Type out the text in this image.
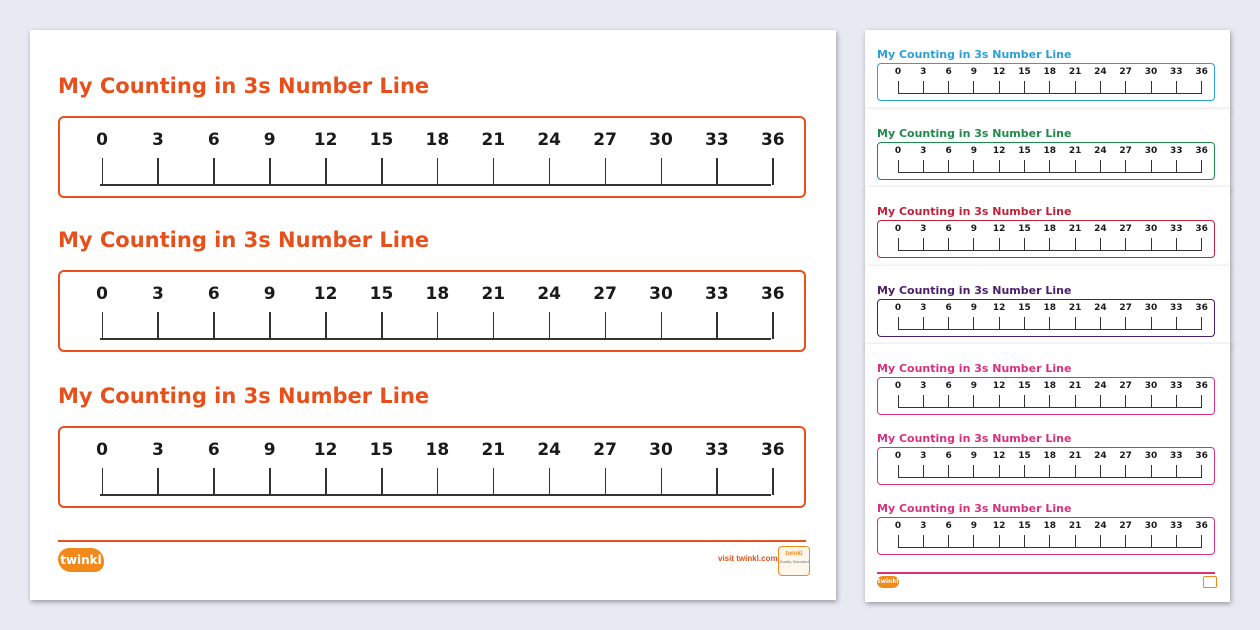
My Counting in 3s Number Line
0	3	6	9 12 15 18 21 24 27 30 33 36
My Counting in 3s Number Line
0	3	6	9 12 15 18 21 24 27 30 33 36
My Counting in 3s Number Line
0	3	6	9 12 15 18 21 24 27 30 33 36
twinkl	visit twinkl.com	twinkl
Quality Standard
My Counting in 3s Number Line
0 3 6 9 12 15 18 21 24 27 30 33 36
My Counting in 3s Number Line
0 3 6 9 12 15 18 21 24 27 30 33 36
My Counting in 3s Number Line
0 3 6 9 12 15 18 21 24 27 30 33 36
My Counting in 3s Number Line
0 3 6 9 12 15 18 21 24 27 30 33 36
My Counting in 3s Number Line
0 3 6 9 12 15 18 21 24 27 30 33 36
My Counting in 3s Number Line
0 3 6 9 12 15 18 21 24 27 30 33 36
My Counting in 3s Number Line
0 3 6 9 12 15 18 21 24 27 30 33 36
twinkl
